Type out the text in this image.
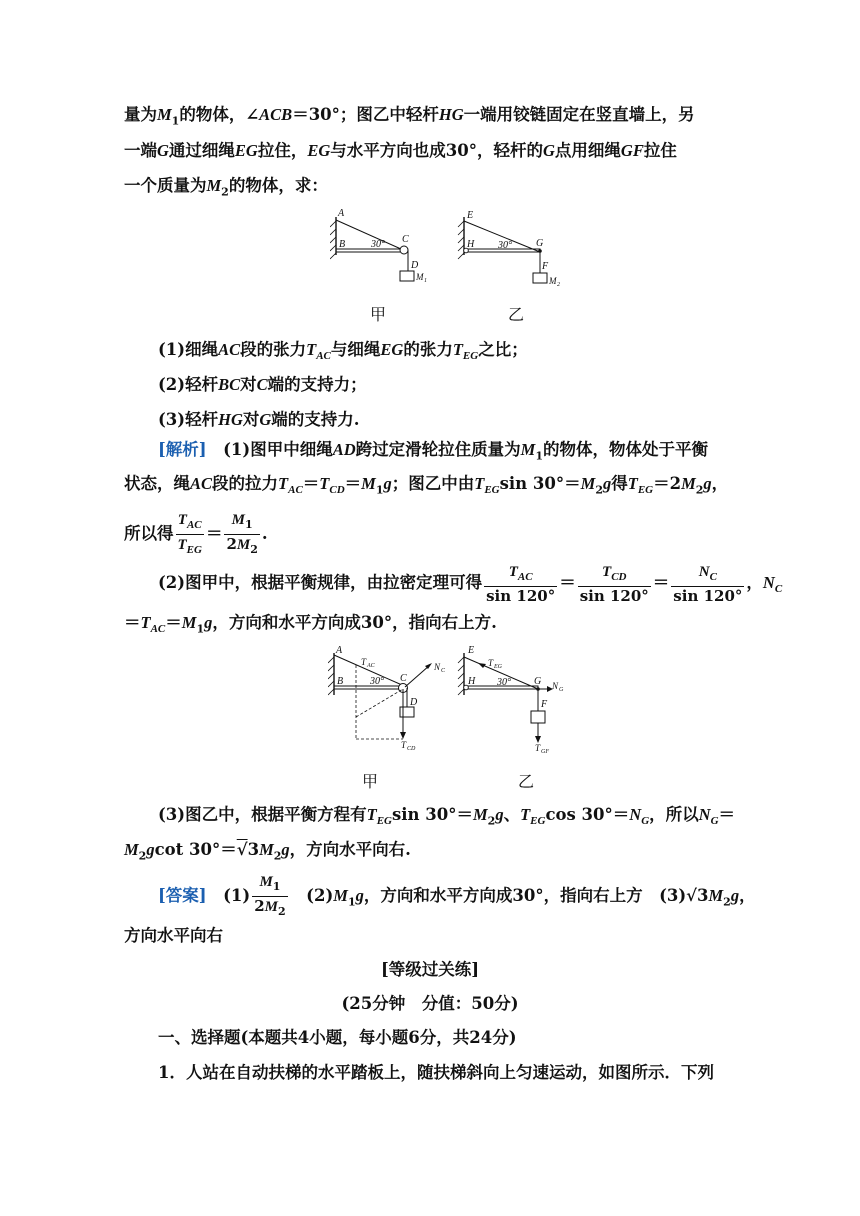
量为$M_1$的物体，∠ACB＝30°；图乙中轻杆HG一端用铰链固定在竖直墙上，另
一端G通过细绳EG拉住，EG与水平方向也成30°，轻杆的G点用细绳GF拉住
一个质量为$M_2$的物体，求：
A
B	30° C
D
M 1
E
H 30° G
F
M 2
甲	乙
(1)细绳AC段的张力$T_{AC}$与细绳EG的张力$T_{EG}$之比；
(2)轻杆BC对C端的支持力；
(3)轻杆HG对G端的支持力.
[解析]　(1)图甲中细绳AD跨过定滑轮拉住质量为$M_1$的物体，物体处于平衡
状态，绳AC段的拉力$T_{AC}=T_{CD}=M_1g$；图乙中由$T_{EG}\sin$ $30^\circ=M_2g$得$T_{EG}=2M_2g$，
所以得 $\frac{T_{AC}}{T_{EG}} = \frac{M_1}{2M_2}$ .
(2)图甲中，根据平衡规律，由拉密定理可得 $\frac{T_{AC}}{\sin 120^\circ} = \frac{T_{CD}}{\sin 120^\circ} = \frac{N_C}{\sin 120^\circ}$ ，$N_C$
$=T_{AC}=M_1g$，方向和水平方向成30°，指向右上方.
A
T AC	N C
B	30° C
D
T CD
E
T EG
H 30° G N G
F
T GF
甲	乙
(3)图乙中，根据平衡方程有$T_{EG}\sin$ $30^\circ=M_2g$、$T_{EG}\cos$ $30^\circ=N_G$，所以$N_G=$
$M_2gcot$ $30^\circ=√3M_2g$，方向水平向右.
[答案]　$(1) \frac{M_1}{2M_2}$ 　$(2)M_1g$，方向和水平方向成30°，指向右上方　$(3)√3M_2g$，
方向水平向右
[等级过关练]
(25分钟　分值：50分)
一、选择题(本题共4小题，每小题6分，共24分)
1．人站在自动扶梯的水平踏板上，随扶梯斜向上匀速运动，如图所示．下列
